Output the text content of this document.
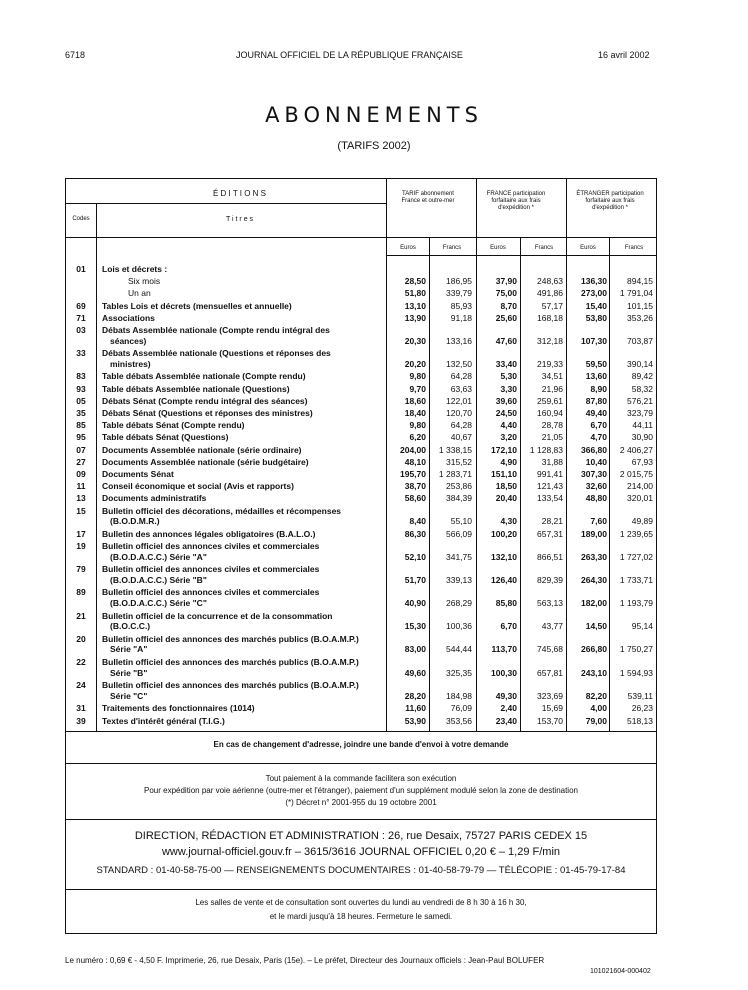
6718	JOURNAL OFFICIEL DE LA RÉPUBLIQUE FRANÇAISE	16 avril 2002
ABONNEMENTS
(TARIFS 2002)
É D I T I O N S
Codes	T i t r e s
TARIF abonnement France et outre-mer
FRANCE participation forfaitaire aux frais d'expédition *
ÉTRANGER participation forfaitaire aux frais d'expédition *
Euros	Francs	Euros	Francs	Euros	Francs
01	Lois et décrets :
Six mois	28,50	186,95	37,90	248,63	136,30	894,15
Un an	51,80	339,79	75,00	491,86	273,00	1 791,04
69	Tables Lois et décrets (mensuelles et annuelle)	13,10	85,93	8,70	57,17	15,40	101,15
71	Associations	13,90	91,18	25,60	168,18	53,80	353,26
03	Débats Assemblée nationale (Compte rendu intégral des
séances)	20,30	133,16	47,60	312,18	107,30	703,87
33	Débats Assemblée nationale (Questions et réponses des
ministres)	20,20	132,50	33,40	219,33	59,50	390,14
83	Table débats Assemblée nationale (Compte rendu)	9,80	64,28	5,30	34,51	13,60	89,42
93	Table débats Assemblée nationale (Questions)	9,70	63,63	3,30	21,96	8,90	58,32
05	Débats Sénat (Compte rendu intégral des séances)	18,60	122,01	39,60	259,61	87,80	576,21
35	Débats Sénat (Questions et réponses des ministres)	18,40	120,70	24,50	160,94	49,40	323,79
85	Table débats Sénat (Compte rendu)	9,80	64,28	4,40	28,78	6,70	44,11
95	Table débats Sénat (Questions)	6,20	40,67	3,20	21,05	4,70	30,90
07	Documents Assemblée nationale (série ordinaire)	204,00	1 338,15	172,10	1 128,83	366,80	2 406,27
27	Documents Assemblée nationale (série budgétaire)	48,10	315,52	4,90	31,88	10,40	67,93
09	Documents Sénat	195,70	1 283,71	151,10	991,41	307,30	2 015,75
11	Conseil économique et social (Avis et rapports)	38,70	253,86	18,50	121,43	32,60	214,00
13	Documents administratifs	58,60	384,39	20,40	133,54	48,80	320,01
15	Bulletin officiel des décorations, médailles et récompenses
(B.O.D.M.R.)	8,40	55,10	4,30	28,21	7,60	49,89
17	Bulletin des annonces légales obligatoires (B.A.L.O.)	86,30	566,09	100,20	657,31	189,00	1 239,65
19	Bulletin officiel des annonces civiles et commerciales
(B.O.D.A.C.C.) Série "A"	52,10	341,75	132,10	866,51	263,30	1 727,02
79	Bulletin officiel des annonces civiles et commerciales
(B.O.D.A.C.C.) Série "B"	51,70	339,13	126,40	829,39	264,30	1 733,71
89	Bulletin officiel des annonces civiles et commerciales
(B.O.D.A.C.C.) Série "C"	40,90	268,29	85,80	563,13	182,00	1 193,79
21	Bulletin officiel de la concurrence et de la consommation
(B.O.C.C.)	15,30	100,36	6,70	43,77	14,50	95,14
20	Bulletin officiel des annonces des marchés publics (B.O.A.M.P.)
Série "A"	83,00	544,44	113,70	745,68	266,80	1 750,27
22	Bulletin officiel des annonces des marchés publics (B.O.A.M.P.)
Série "B"	49,60	325,35	100,30	657,81	243,10	1 594,93
24	Bulletin officiel des annonces des marchés publics (B.O.A.M.P.)
Série "C"	28,20	184,98	49,30	323,69	82,20	539,11
31	Traitements des fonctionnaires (1014)	11,60	76,09	2,40	15,69	4,00	26,23
39	Textes d'intérêt général (T.I.G.)	53,90	353,56	23,40	153,70	79,00	518,13
En cas de changement d'adresse, joindre une bande d'envoi à votre demande
Tout paiement à la commande facilitera son exécution
Pour expédition par voie aérienne (outre-mer et l'étranger), paiement d'un supplément modulé selon la zone de destination
(*) Décret n° 2001-955 du 19 octobre 2001
DIRECTION, RÉDACTION ET ADMINISTRATION : 26, rue Desaix, 75727 PARIS CEDEX 15
www.journal-officiel.gouv.fr – 3615/3616 JOURNAL OFFICIEL 0,20 € – 1,29 F/min
STANDARD : 01-40-58-75-00 — RENSEIGNEMENTS DOCUMENTAIRES : 01-40-58-79-79 — TÉLÉCOPIE : 01-45-79-17-84
Les salles de vente et de consultation sont ouvertes du lundi au vendredi de 8 h 30 à 16 h 30,
et le mardi jusqu'à 18 heures. Fermeture le samedi.
Le numéro : 0,69 € - 4,50 F. Imprimerie, 26, rue Desaix, Paris (15e). – Le préfet, Directeur des Journaux officiels : Jean-Paul BOLUFER
101021604-000402
